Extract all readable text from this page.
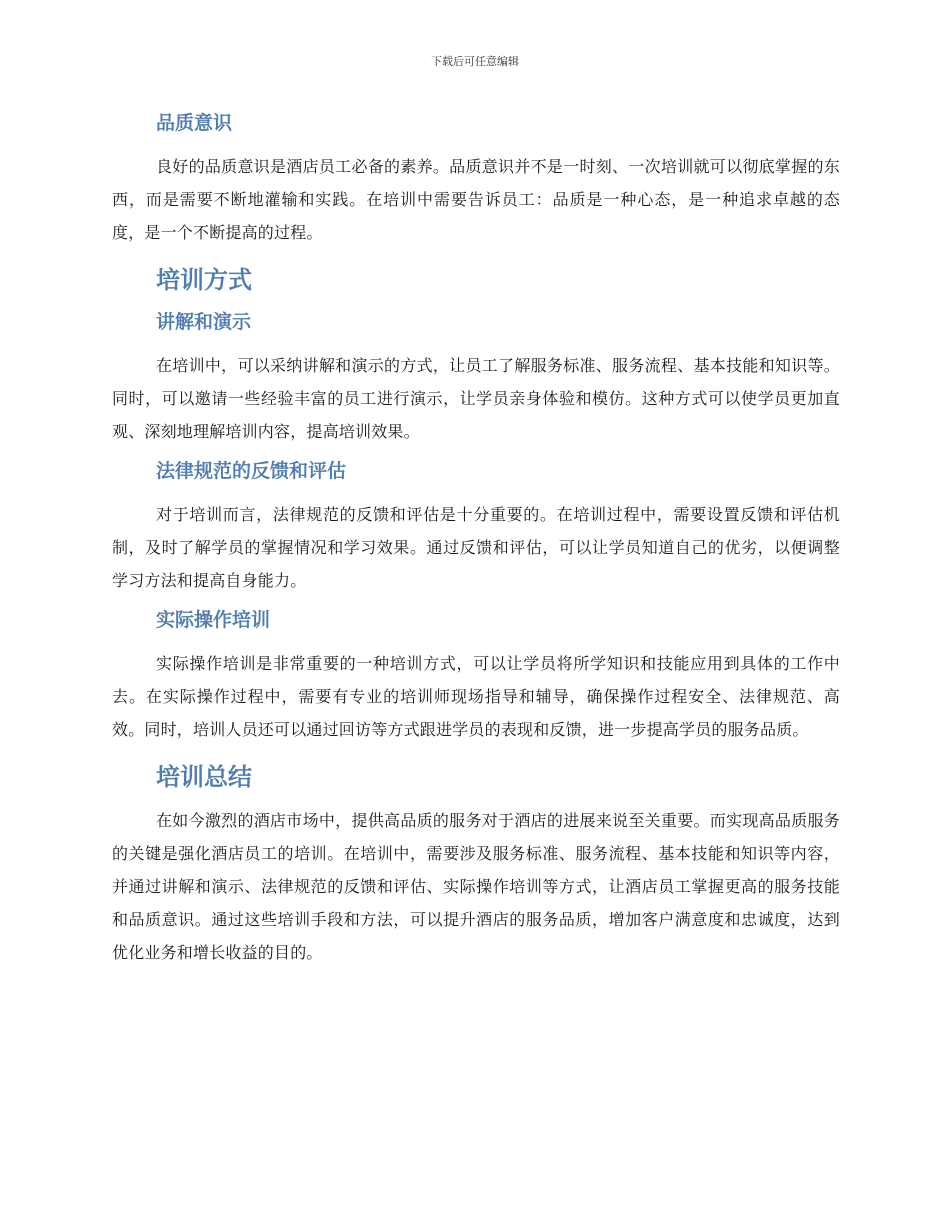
下载后可任意编辑
品质意识

良好的品质意识是酒店员工必备的素养。品质意识并不是一时刻、一次培训就可以彻底掌握的东西，而是需要不断地灌输和实践。在培训中需要告诉员工：品质是一种心态，是一种追求卓越的态度，是一个不断提高的过程。

培训方式
讲解和演示

在培训中，可以采纳讲解和演示的方式，让员工了解服务标准、服务流程、基本技能和知识等。同时，可以邀请一些经验丰富的员工进行演示，让学员亲身体验和模仿。这种方式可以使学员更加直观、深刻地理解培训内容，提高培训效果。

法律规范的反馈和评估

对于培训而言，法律规范的反馈和评估是十分重要的。在培训过程中，需要设置反馈和评估机制，及时了解学员的掌握情况和学习效果。通过反馈和评估，可以让学员知道自己的优劣，以便调整学习方法和提高自身能力。

实际操作培训

实际操作培训是非常重要的一种培训方式，可以让学员将所学知识和技能应用到具体的工作中去。在实际操作过程中，需要有专业的培训师现场指导和辅导，确保操作过程安全、法律规范、高效。同时，培训人员还可以通过回访等方式跟进学员的表现和反馈，进一步提高学员的服务品质。

培训总结

在如今激烈的酒店市场中，提供高品质的服务对于酒店的进展来说至关重要。而实现高品质服务的关键是强化酒店员工的培训。在培训中，需要涉及服务标准、服务流程、基本技能和知识等内容，并通过讲解和演示、法律规范的反馈和评估、实际操作培训等方式，让酒店员工掌握更高的服务技能和品质意识。通过这些培训手段和方法，可以提升酒店的服务品质，增加客户满意度和忠诚度，达到优化业务和增长收益的目的。
